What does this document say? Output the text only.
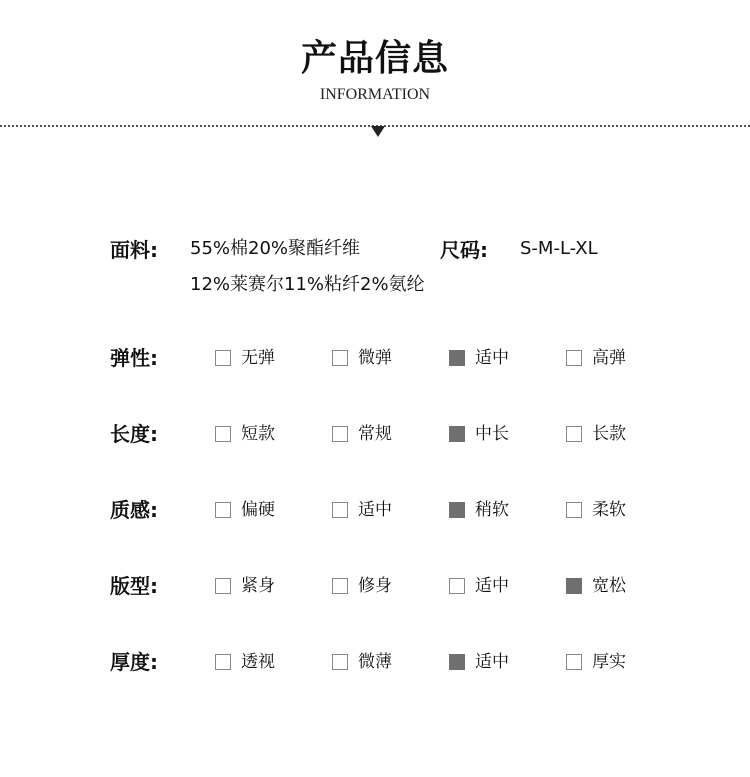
产品信息
INFORMATION
面料: 55%棉20%聚酯纤维
12%莱赛尔11%粘纤2%氨纶
尺码: S-M-L-XL
弹性:	无弹	微弹	适中	高弹
长度:	短款	常规	中长	长款
质感:	偏硬	适中	稍软	柔软
版型:	紧身	修身	适中	宽松
厚度:	透视	微薄	适中	厚实
